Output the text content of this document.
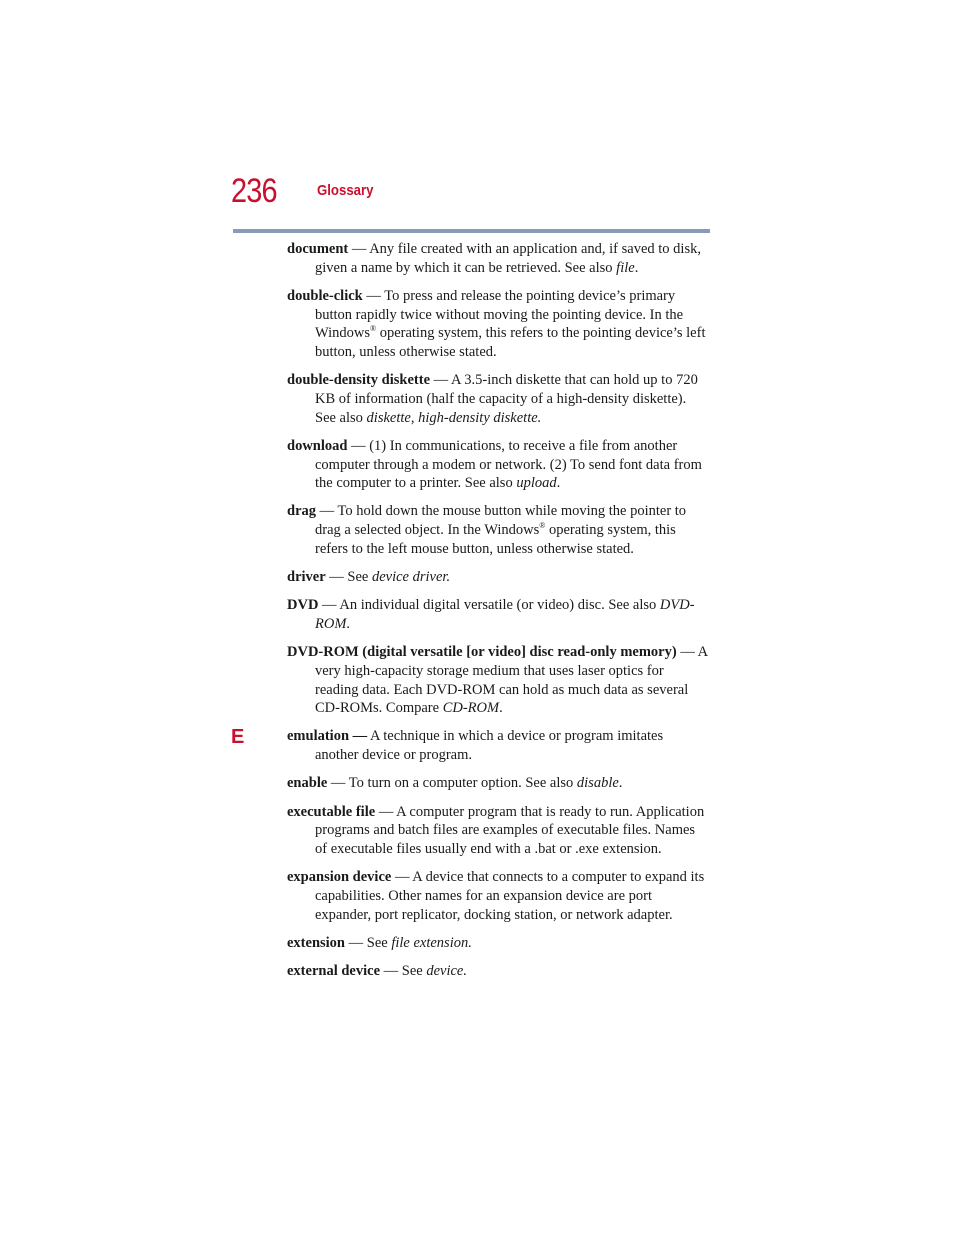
236	Glossary
E

document — Any file created with an application and, if saved to disk, given a name by which it can be retrieved. See also file.

double-click — To press and release the pointing device’s primary button rapidly twice without moving the pointing device. In the Windows® operating system, this refers to the pointing device’s left button, unless otherwise stated.

double-density diskette — A 3.5-inch diskette that can hold up to 720 KB of information (half the capacity of a high-density diskette). See also diskette, high-density diskette.

download — (1) In communications, to receive a file from another computer through a modem or network. (2) To send font data from the computer to a printer. See also upload.

drag — To hold down the mouse button while moving the pointer to drag a selected object. In the Windows® operating system, this refers to the left mouse button, unless otherwise stated.

driver — See device driver.

DVD — An individual digital versatile (or video) disc. See also DVD-ROM.

DVD-ROM (digital versatile [or video] disc read-only memory) — A very high-capacity storage medium that uses laser optics for reading data. Each DVD-ROM can hold as much data as several CD-ROMs. Compare CD-ROM.

emulation — A technique in which a device or program imitates another device or program.

enable — To turn on a computer option. See also disable.

executable file — A computer program that is ready to run. Application programs and batch files are examples of executable files. Names of executable files usually end with a .bat or .exe extension.

expansion device — A device that connects to a computer to expand its capabilities. Other names for an expansion device are port expander, port replicator, docking station, or network adapter.

extension — See file extension.

external device — See device.
